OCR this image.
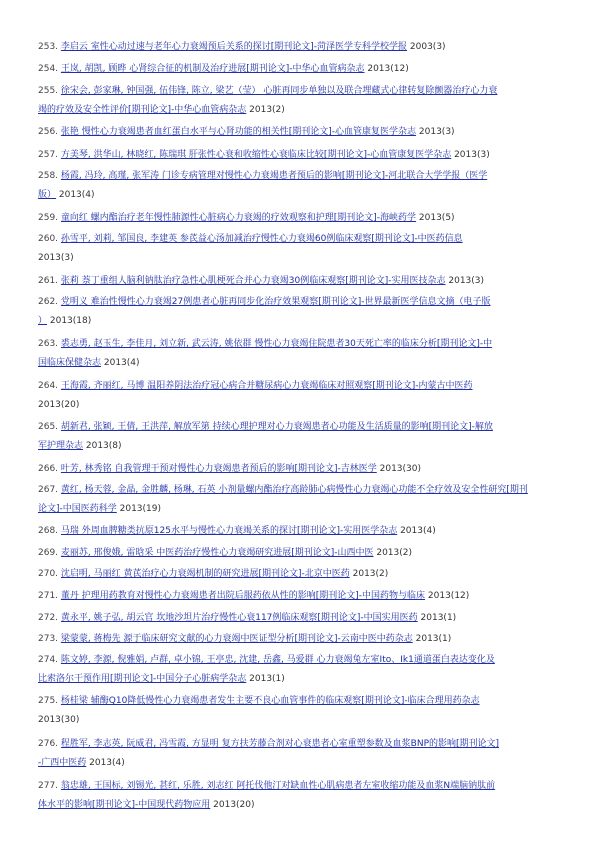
253. 李启云 室性心动过速与老年心力衰竭预后关系的探讨[期刊论文]-菏泽医学专科学校学报 2003(3)
254. 王岚, 胡凯, 顾晔 心肾综合征的机制及治疗进展[期刊论文]-中华心血管病杂志 2013(12)
255. 徐宋会, 彭家琳, 钟国强, 伍伟锋, 陈立, 梁艺（莹） 心脏再同步单独以及联合埋藏式心律转复除颤器治疗心力衰
竭的疗效及安全性评价[期刊论文]-中华心血管病杂志 2013(2)
256. 张艳 慢性心力衰竭患者血红蛋白水平与心肾功能的相关性[期刊论文]-心血管康复医学杂志 2013(3)
257. 方美琴, 洪华山, 林晓红, 陈瑞琪 肝张性心衰和收缩性心衰临床比较[期刊论文]-心血管康复医学杂志 2013(3)
258. 杨霞, 冯玲, 高瑾, 张军涛 门诊专病管理对慢性心力衰竭患者预后的影响[期刊论文]-河北联合大学学报（医学
版） 2013(4)
259. 童向红 螺内酯治疗老年慢性肺源性心脏病心力衰竭的疗效观察和护理[期刊论文]-海峡药学 2013(5)
260. 孙雪平, 刘莉, 邹国良, 李建英 参芪益心汤加减治疗慢性心力衰竭60例临床观察[期刊论文]-中医药信息
2013(3)
261. 张莉 萘丁重组人脑利钠肽治疗急性心肌梗死合并心力衰竭30例临床观察[期刊论文]-实用医技杂志 2013(3)
262. 党明义 难治性慢性心力衰竭27例患者心脏再同步化治疗效果观察[期刊论文]-世界最新医学信息文摘（电子版
） 2013(18)
263. 裘志勇, 赵玉生, 李佳月, 刘立新, 武云涛, 姚依群 慢性心力衰竭住院患者30天死亡率的临床分析[期刊论文]-中
国临床保健杂志 2013(4)
264. 王海霞, 齐丽红, 马博 温阳养阴法治疗冠心病合并糖尿病心力衰竭临床对照观察[期刊论文]-内蒙古中医药
2013(20)
265. 胡新君, 张颖, 王倩, 王洪萍, 解放军第 持续心理护理对心力衰竭患者心功能及生活质量的影响[期刊论文]-解放
军护理杂志 2013(8)
266. 叶芳, 林秀铭 自我管理干预对慢性心力衰竭患者预后的影响[期刊论文]-吉林医学 2013(30)
267. 黄红, 杨天蓉, 金晶, 金胜麟, 杨琳, 石英 小剂量螺内酯治疗高龄肺心病慢性心力衰竭心功能不全疗效及安全性研究[期刊
论文]-中国医药科学 2013(19)
268. 马瑞 外周血脾糖类抗原125水平与慢性心力衰竭关系的探讨[期刊论文]-实用医学杂志 2013(4)
269. 麦丽苏, 邢俊娥, 雷晗采 中医药治疗慢性心力衰竭研究进展[期刊论文]-山西中医 2013(2)
270. 沈启明, 马丽红 黄芪治疗心力衰竭机制的研究进展[期刊论文]-北京中医药 2013(2)
271. 董丹 护理用药教育对慢性心力衰竭患者出院后服药依从性的影响[期刊论文]-中国药物与临床 2013(12)
272. 黄永平, 姚子弘, 胡云官 坎地沙坦片治疗慢性心衰117例临床观察[期刊论文]-中国实用医药 2013(1)
273. 梁蒙蒙, 蒋梅先 源于临床研究文献的心力衰竭中医证型分析[期刊论文]-云南中医中药杂志 2013(1)
274. 陈文婷, 李源, 倪雅娟, 卢群, 卓小锦, 王亭忠, 沈建, 岳鑫, 马爱群 心力衰竭兔左室Ito、Ik1通道蛋白表达变化及
比索洛尔干预作用[期刊论文]-中国分子心脏病学杂志 2013(1)
275. 杨桂梁 辅酶Q10降低慢性心力衰竭患者发生主要不良心血管事件的临床观察[期刊论文]-临床合理用药杂志
2013(30)
276. 程胜军, 李志英, 阮威君, 冯雪霞, 方显明 复方扶芳藤合剂对心衰患者心室重塑参数及血浆BNP的影响[期刊论文]
-广西中医药 2013(4)
277. 翁忠雄, 王国标, 刘锡光, 甚红, 乐胜, 刘志红 阿托伐他汀对缺血性心肌病患者左室收缩功能及血浆N端脑钠肽前
体水平的影响[期刊论文]-中国现代药物应用 2013(20)
